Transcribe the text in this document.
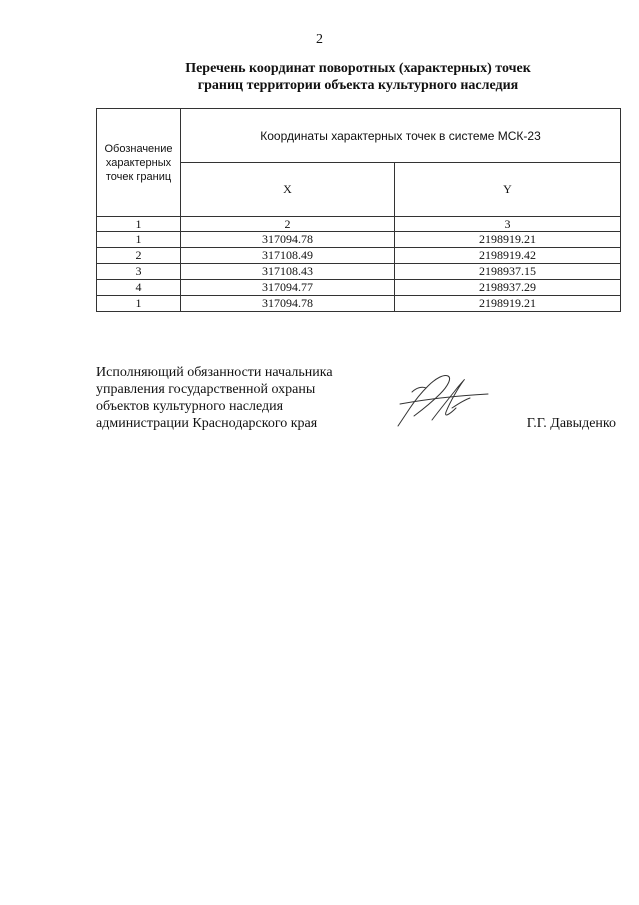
2
Перечень координат поворотных (характерных) точек
границ территории объекта культурного наследия
Обозначение
характерных
точек границ	Координаты характерных точек в системе МСК-23	
	X	Y
1	2	3
1	317094.78	2198919.21
2	317108.49	2198919.42
3	317108.43	2198937.15
4	317094.77	2198937.29
1	317094.78	2198919.21
Исполняющий обязанности начальника
управления государственной охраны
объектов культурного наследия
администрации Краснодарского края	Г.Г. Давыденко
